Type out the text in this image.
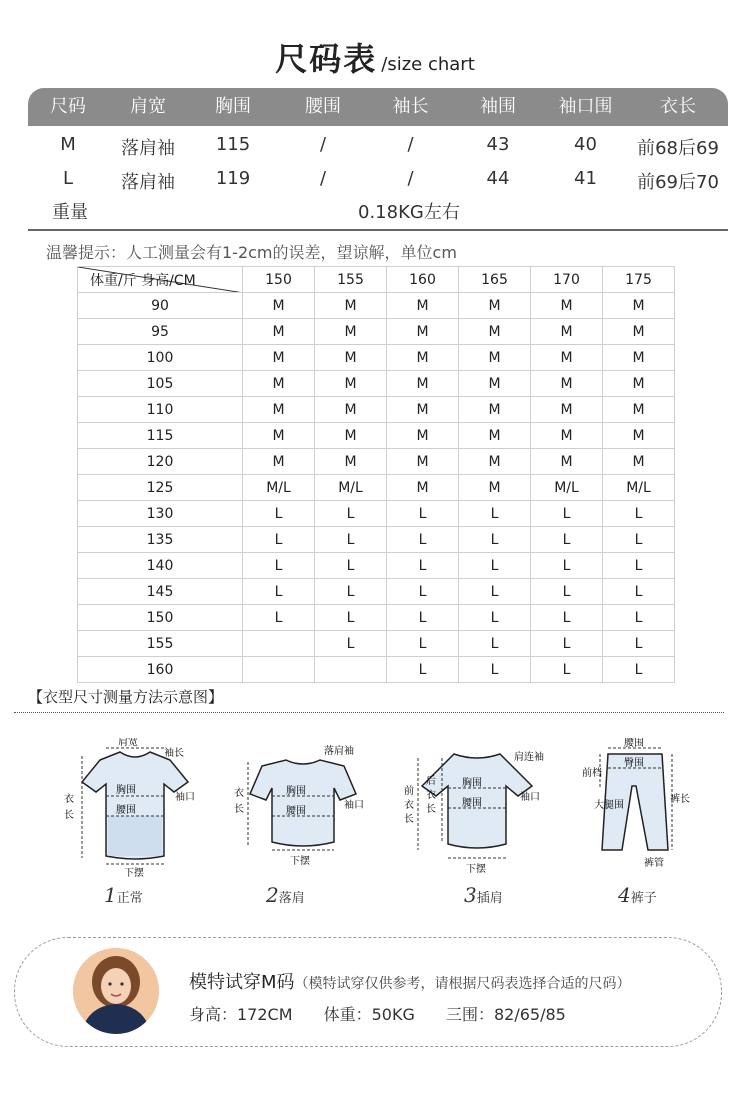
尺码表 /size chart
尺码	肩宽	胸围	腰围	袖长	袖围	袖口围	衣长
M	落肩袖	115	/	/	43	40	前68后69
L	落肩袖	119	/	/	44	41	前69后70
重量	0.18KG左右
温馨提示：人工测量会有1-2cm的误差，望谅解，单位cm
体重/斤 身高/CM	150	155	160	165	170	175
90	M	M	M	M	M	M
95	M	M	M	M	M	M
100	M	M	M	M	M	M
105	M	M	M	M	M	M
110	M	M	M	M	M	M
115	M	M	M	M	M	M
120	M	M	M	M	M	M
125	M/L	M/L	M	M	M/L	M/L
130	L	L	L	L	L	L
135	L	L	L	L	L	L
140	L	L	L	L	L	L
145	L	L	L	L	L	L
150	L	L	L	L	L	L
155		L	L	L	L	L
160			L	L	L	L
【衣型尺寸测量方法示意图】
肩宽
袖长
胸围
袖口
腰围
衣
长
下摆
落肩袖
胸围
袖口
腰围
衣
长
下摆
肩连袖
胸围
袖口
腰围
前
衣
长
后
衣
长
下摆
腰围
臀围
前档
大腿围
裤长
裤管
1正常	2落肩	3插肩	4裤子
模特试穿M码（模特试穿仅供参考，请根据尺码表选择合适的尺码）
身高：172CM 体重：50KG 三围：82/65/85
